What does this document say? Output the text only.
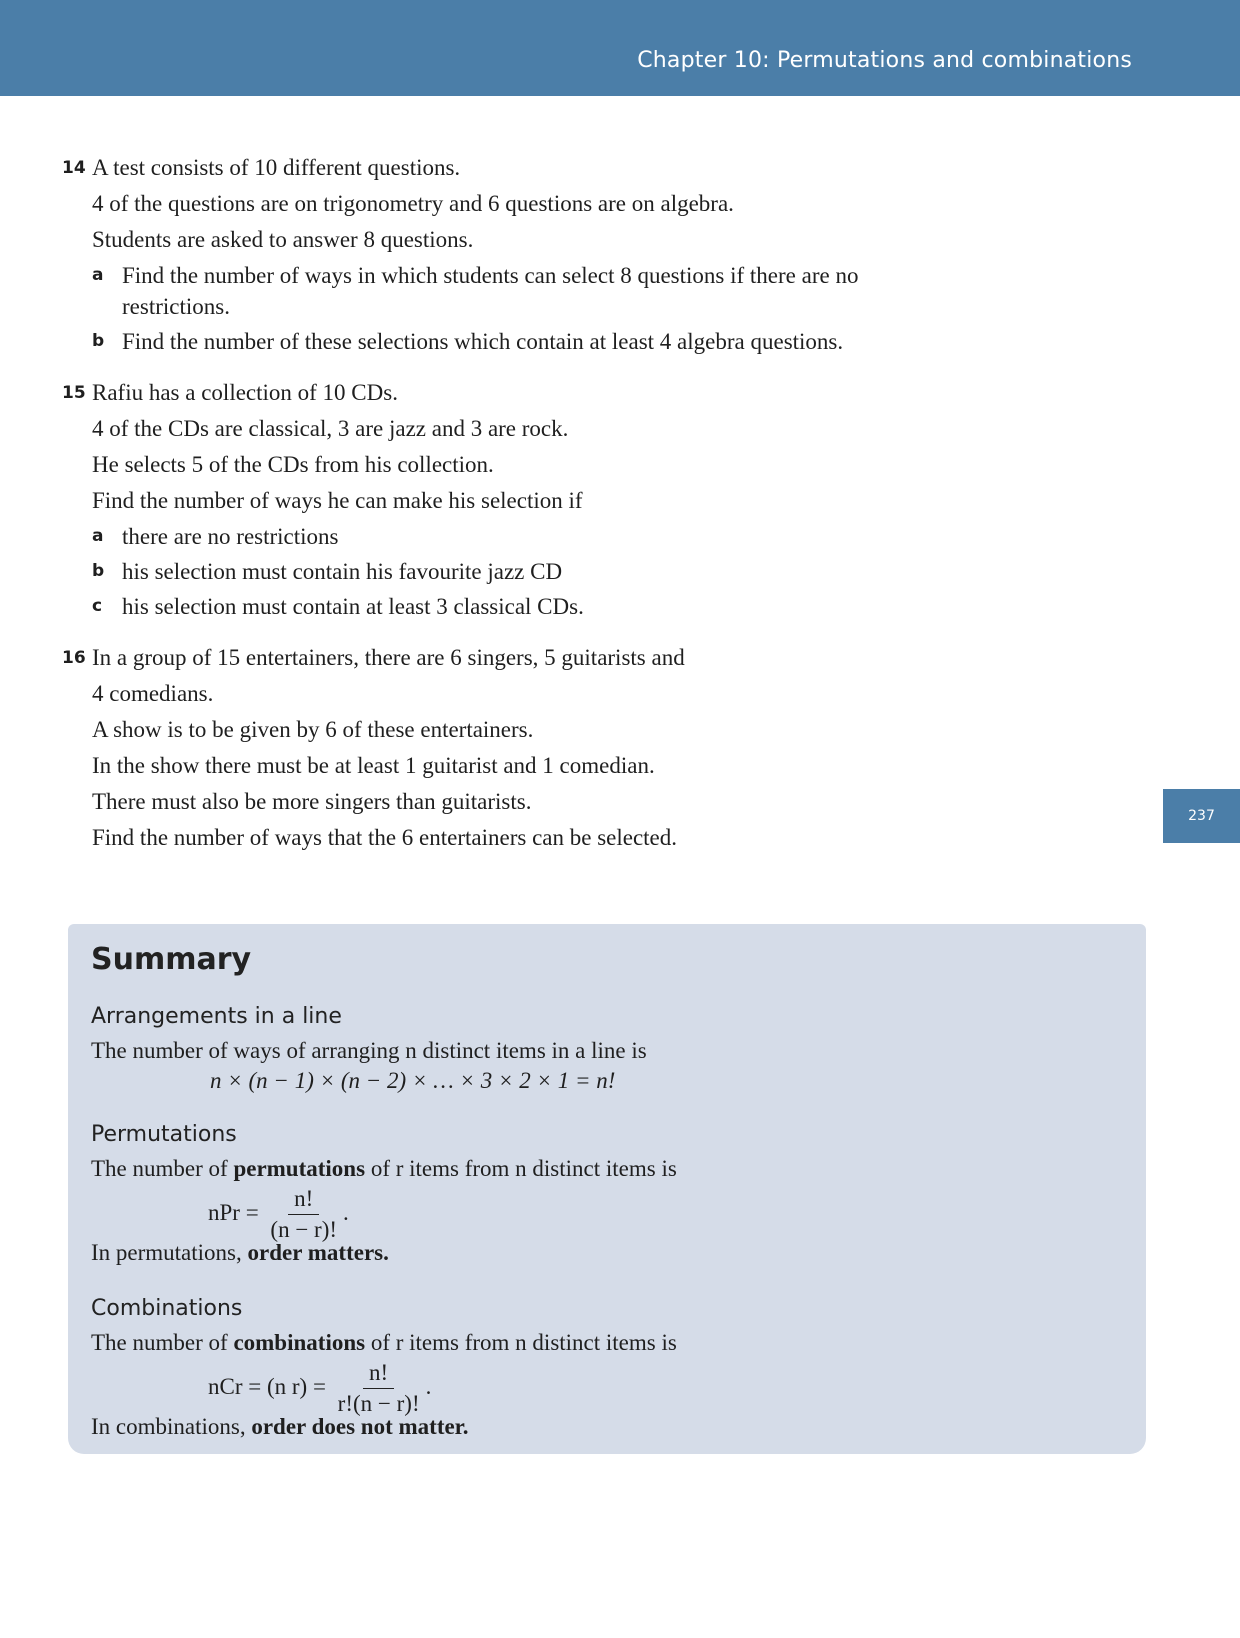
Chapter 10: Permutations and combinations
237
14 A test consists of 10 different questions.
4 of the questions are on trigonometry and 6 questions are on algebra.
Students are asked to answer 8 questions.
a Find the number of ways in which students can select 8 questions if there are no restrictions.
b Find the number of these selections which contain at least 4 algebra questions.
15 Rafiu has a collection of 10 CDs.
4 of the CDs are classical, 3 are jazz and 3 are rock.
He selects 5 of the CDs from his collection.
Find the number of ways he can make his selection if
a there are no restrictions
b his selection must contain his favourite jazz CD
c his selection must contain at least 3 classical CDs.
16 In a group of 15 entertainers, there are 6 singers, 5 guitarists and
4 comedians.
A show is to be given by 6 of these entertainers.
In the show there must be at least 1 guitarist and 1 comedian.
There must also be more singers than guitarists.
Find the number of ways that the 6 entertainers can be selected.
Summary
Arrangements in a line
The number of ways of arranging n distinct items in a line is
n × (n − 1) × (n − 2) × … × 3 × 2 × 1 = n!
Permutations
The number of permutations of r items from n distinct items is
nPr = $\frac{n!}{(n - r)!}$ .
In permutations, order matters.
Combinations
The number of combinations of r items from n distinct items is
nCr = (n $r) = \frac{n!}{r!(n - r)!}$ .
In combinations, order does not matter.
